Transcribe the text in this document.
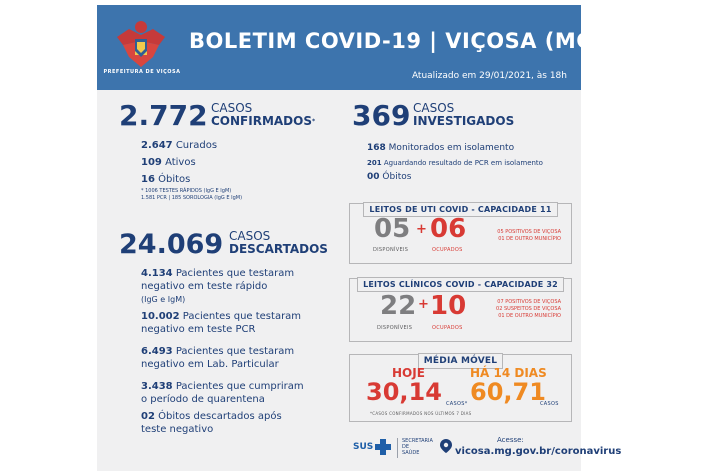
PREFEITURA DE VIÇOSA
BOLETIM COVID-19 | VIÇOSA (MG)
Atualizado em 29/01/2021, às 18h
2.772 CASOS
CONFIRMADOS*
2.647 Curados
109 Ativos
16 Óbitos
* 1006 TESTES RÁPIDOS (IgG E IgM)
1.581 PCR | 185 SOROLOGIA (IgG E IgM)
369 CASOS
INVESTIGADOS
168 Monitorados em isolamento
201 Aguardando resultado de PCR em isolamento
00 Óbitos
24.069 CASOS
DESCARTADOS
4.134 Pacientes que testaram
negativo em teste rápido
(IgG e IgM)
10.002 Pacientes que testaram
negativo em teste PCR
6.493 Pacientes que testaram
negativo em Lab. Particular
3.438 Pacientes que cumpriram
o período de quarentena
02 Óbitos descartados após
teste negativo
LEITOS DE UTI COVID - CAPACIDADE 11
05 + 06
DISPONÍVEIS	OCUPADOS
05 POSITIVOS DE VIÇOSA
01 DE OUTRO MUNICÍPIO
LEITOS CLÍNICOS COVID - CAPACIDADE 32
22 + 10
DISPONÍVEIS	OCUPADOS
07 POSITIVOS DE VIÇOSA
02 SUSPEITOS DE VIÇOSA
01 DE OUTRO MUNICÍPIO
MÉDIA MÓVEL
HOJE
30,14 CASOS*
*CASOS CONFIRMADOS NOS ÚLTIMOS 7 DIAS
HÁ 14 DIAS
60,71
CASOS
SUS
SECRETARIA
DE
SAÚDE
Acesse:
vicosa.mg.gov.br/coronavirus
